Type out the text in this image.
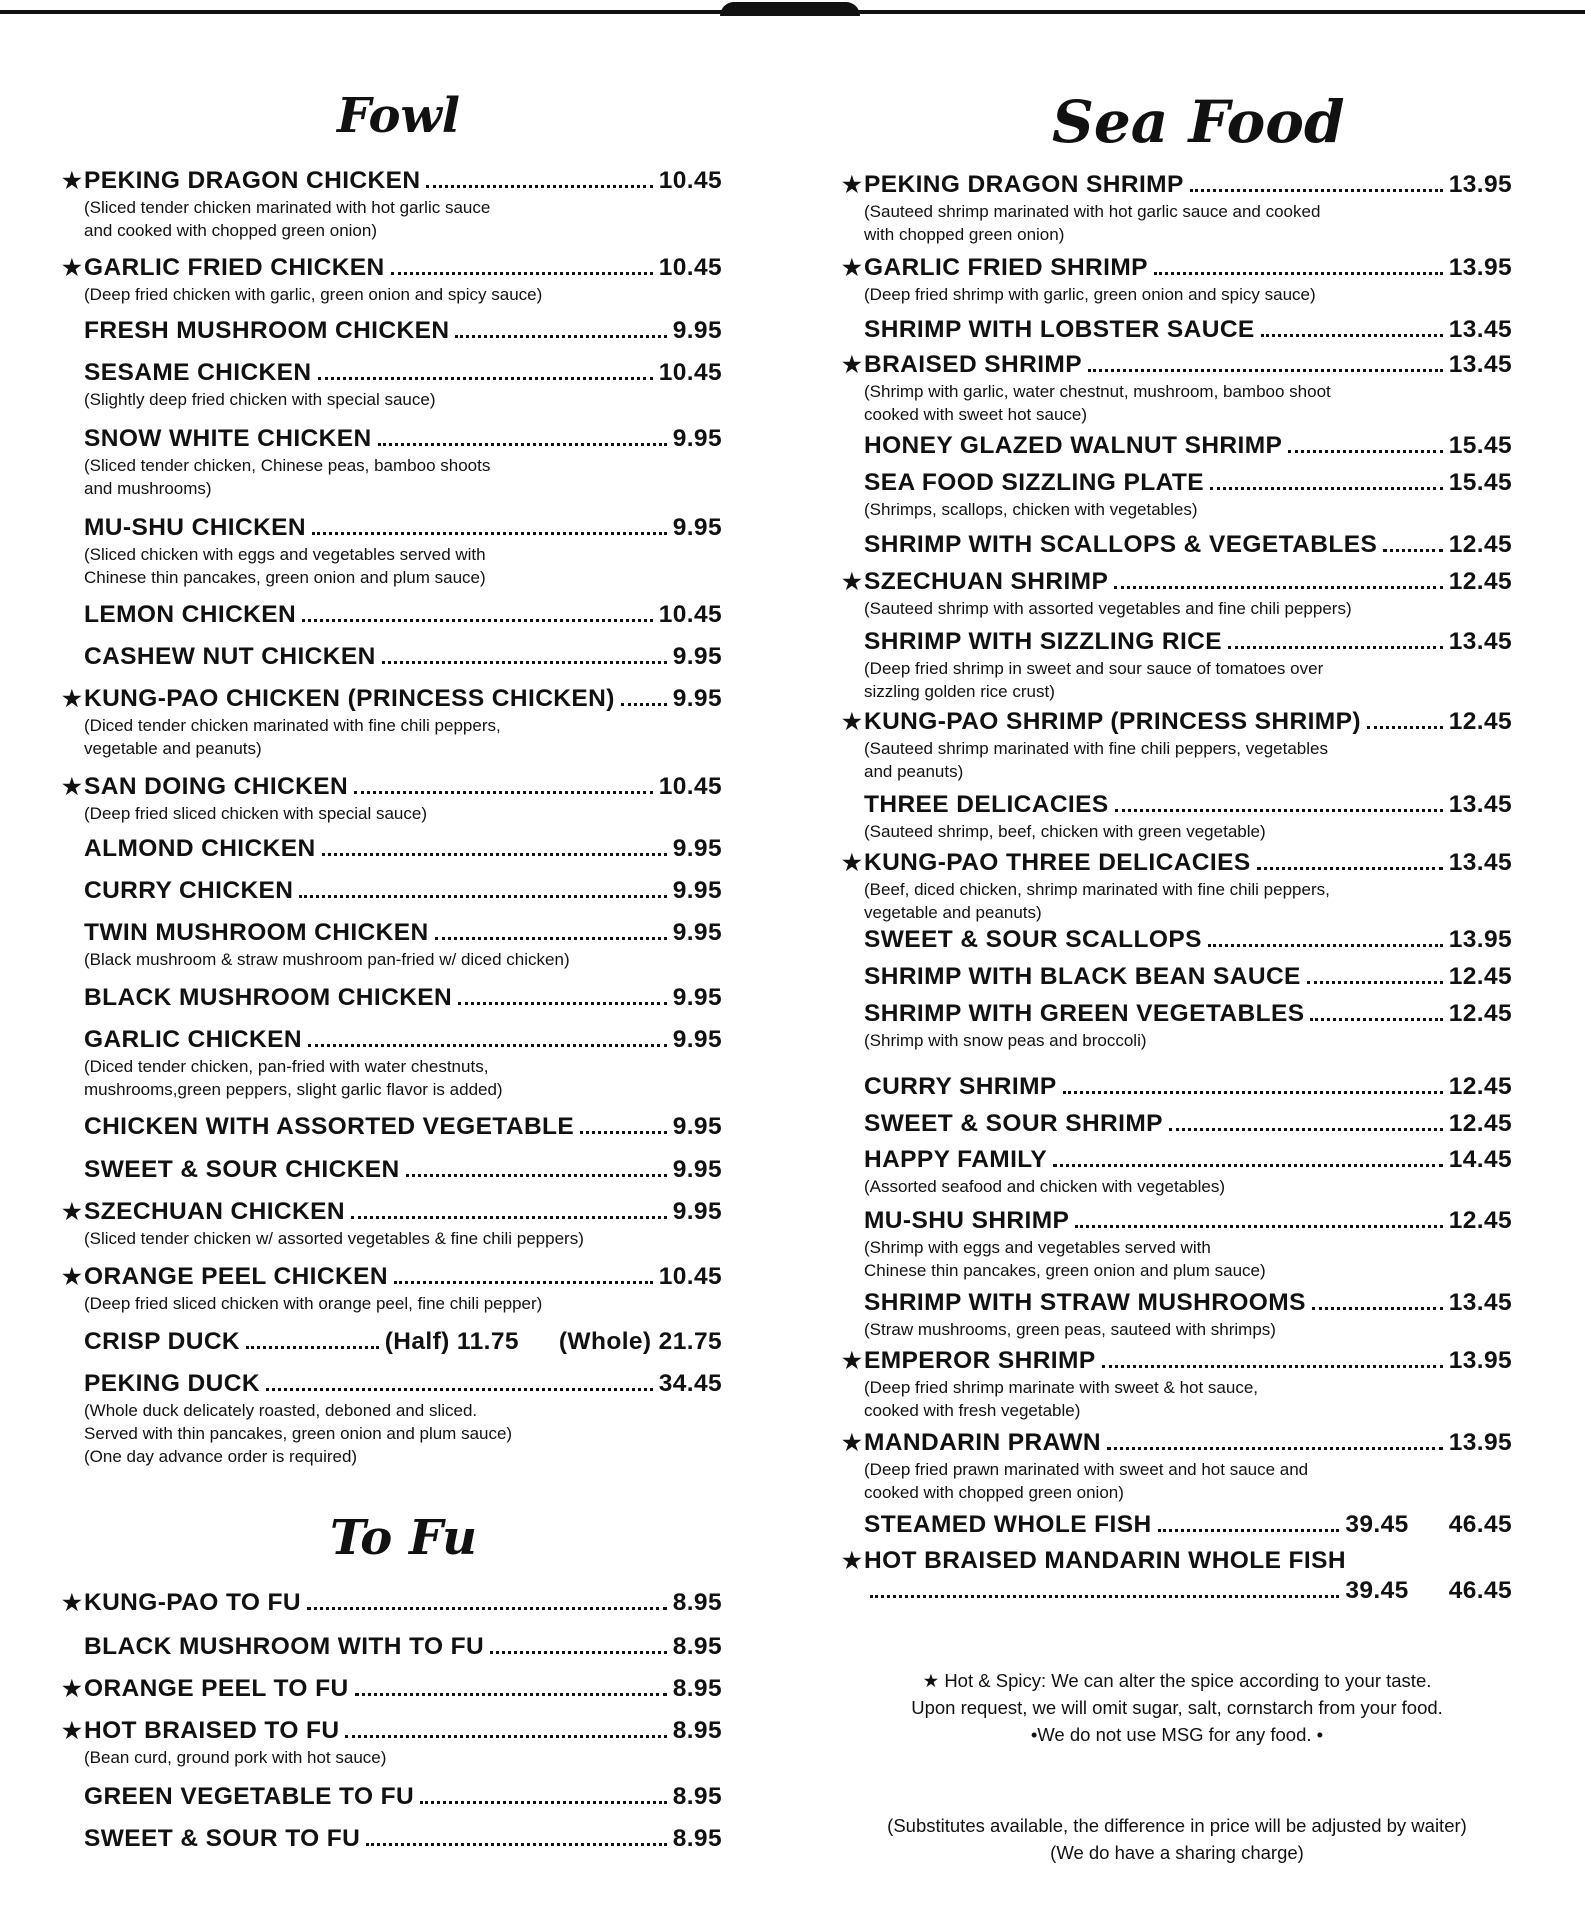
Fowl
★ PEKING DRAGON CHICKEN	10.45
(Sliced tender chicken marinated with hot garlic sauce
and cooked with chopped green onion)
★ GARLIC FRIED CHICKEN	10.45
(Deep fried chicken with garlic, green onion and spicy sauce)
FRESH MUSHROOM CHICKEN	9.95
SESAME CHICKEN	10.45
(Slightly deep fried chicken with special sauce)
SNOW WHITE CHICKEN	9.95
(Sliced tender chicken, Chinese peas, bamboo shoots
and mushrooms)
MU-SHU CHICKEN	9.95
(Sliced chicken with eggs and vegetables served with
Chinese thin pancakes, green onion and plum sauce)
LEMON CHICKEN	10.45
CASHEW NUT CHICKEN	9.95
★ KUNG-PAO CHICKEN (PRINCESS CHICKEN) 9.95
(Diced tender chicken marinated with fine chili peppers,
vegetable and peanuts)
★ SAN DOING CHICKEN	10.45
(Deep fried sliced chicken with special sauce)
ALMOND CHICKEN	9.95
CURRY CHICKEN	9.95
TWIN MUSHROOM CHICKEN	9.95
(Black mushroom & straw mushroom pan-fried w/ diced chicken)
BLACK MUSHROOM CHICKEN	9.95
GARLIC CHICKEN	9.95
(Diced tender chicken, pan-fried with water chestnuts,
mushrooms,green peppers, slight garlic flavor is added)
CHICKEN WITH ASSORTED VEGETABLE	9.95
SWEET & SOUR CHICKEN	9.95
★ SZECHUAN CHICKEN	9.95
(Sliced tender chicken w/ assorted vegetables & fine chili peppers)
★ ORANGE PEEL CHICKEN	10.45
(Deep fried sliced chicken with orange peel, fine chili pepper)
CRISP DUCK	(Half) 11.75 (Whole) 21.75
PEKING DUCK	34.45
(Whole duck delicately roasted, deboned and sliced.
Served with thin pancakes, green onion and plum sauce)
(One day advance order is required)
To Fu
★ KUNG-PAO TO FU	8.95
BLACK MUSHROOM WITH TO FU	8.95
★ ORANGE PEEL TO FU	8.95
★ HOT BRAISED TO FU	8.95
(Bean curd, ground pork with hot sauce)
GREEN VEGETABLE TO FU	8.95
SWEET & SOUR TO FU	8.95
Sea Food
★ PEKING DRAGON SHRIMP	13.95
(Sauteed shrimp marinated with hot garlic sauce and cooked
with chopped green onion)
★ GARLIC FRIED SHRIMP	13.95
(Deep fried shrimp with garlic, green onion and spicy sauce)
SHRIMP WITH LOBSTER SAUCE	13.45
★ BRAISED SHRIMP	13.45
(Shrimp with garlic, water chestnut, mushroom, bamboo shoot
cooked with sweet hot sauce)
HONEY GLAZED WALNUT SHRIMP	15.45
SEA FOOD SIZZLING PLATE	15.45
(Shrimps, scallops, chicken with vegetables)
SHRIMP WITH SCALLOPS & VEGETABLES	12.45
★ SZECHUAN SHRIMP	12.45
(Sauteed shrimp with assorted vegetables and fine chili peppers)
SHRIMP WITH SIZZLING RICE	13.45
(Deep fried shrimp in sweet and sour sauce of tomatoes over
sizzling golden rice crust)
★ KUNG-PAO SHRIMP (PRINCESS SHRIMP)	12.45
(Sauteed shrimp marinated with fine chili peppers, vegetables
and peanuts)
THREE DELICACIES	13.45
(Sauteed shrimp, beef, chicken with green vegetable)
★ KUNG-PAO THREE DELICACIES	13.45
(Beef, diced chicken, shrimp marinated with fine chili peppers,
vegetable and peanuts)
SWEET & SOUR SCALLOPS	13.95
SHRIMP WITH BLACK BEAN SAUCE	12.45
SHRIMP WITH GREEN VEGETABLES	12.45
(Shrimp with snow peas and broccoli)
CURRY SHRIMP	12.45
SWEET & SOUR SHRIMP	12.45
HAPPY FAMILY	14.45
(Assorted seafood and chicken with vegetables)
MU-SHU SHRIMP	12.45
(Shrimp with eggs and vegetables served with
Chinese thin pancakes, green onion and plum sauce)
SHRIMP WITH STRAW MUSHROOMS	13.45
(Straw mushrooms, green peas, sauteed with shrimps)
★ EMPEROR SHRIMP	13.95
(Deep fried shrimp marinate with sweet & hot sauce,
cooked with fresh vegetable)
★ MANDARIN PRAWN	13.95
(Deep fried prawn marinated with sweet and hot sauce and
cooked with chopped green onion)
STEAMED WHOLE FISH	39.45 46.45
★ HOT BRAISED MANDARIN WHOLE FISH
39.45 46.45
★ Hot & Spicy: We can alter the spice according to your taste.
Upon request, we will omit sugar, salt, cornstarch from your food.
•We do not use MSG for any food. •
(Substitutes available, the difference in price will be adjusted by waiter)
(We do have a sharing charge)
